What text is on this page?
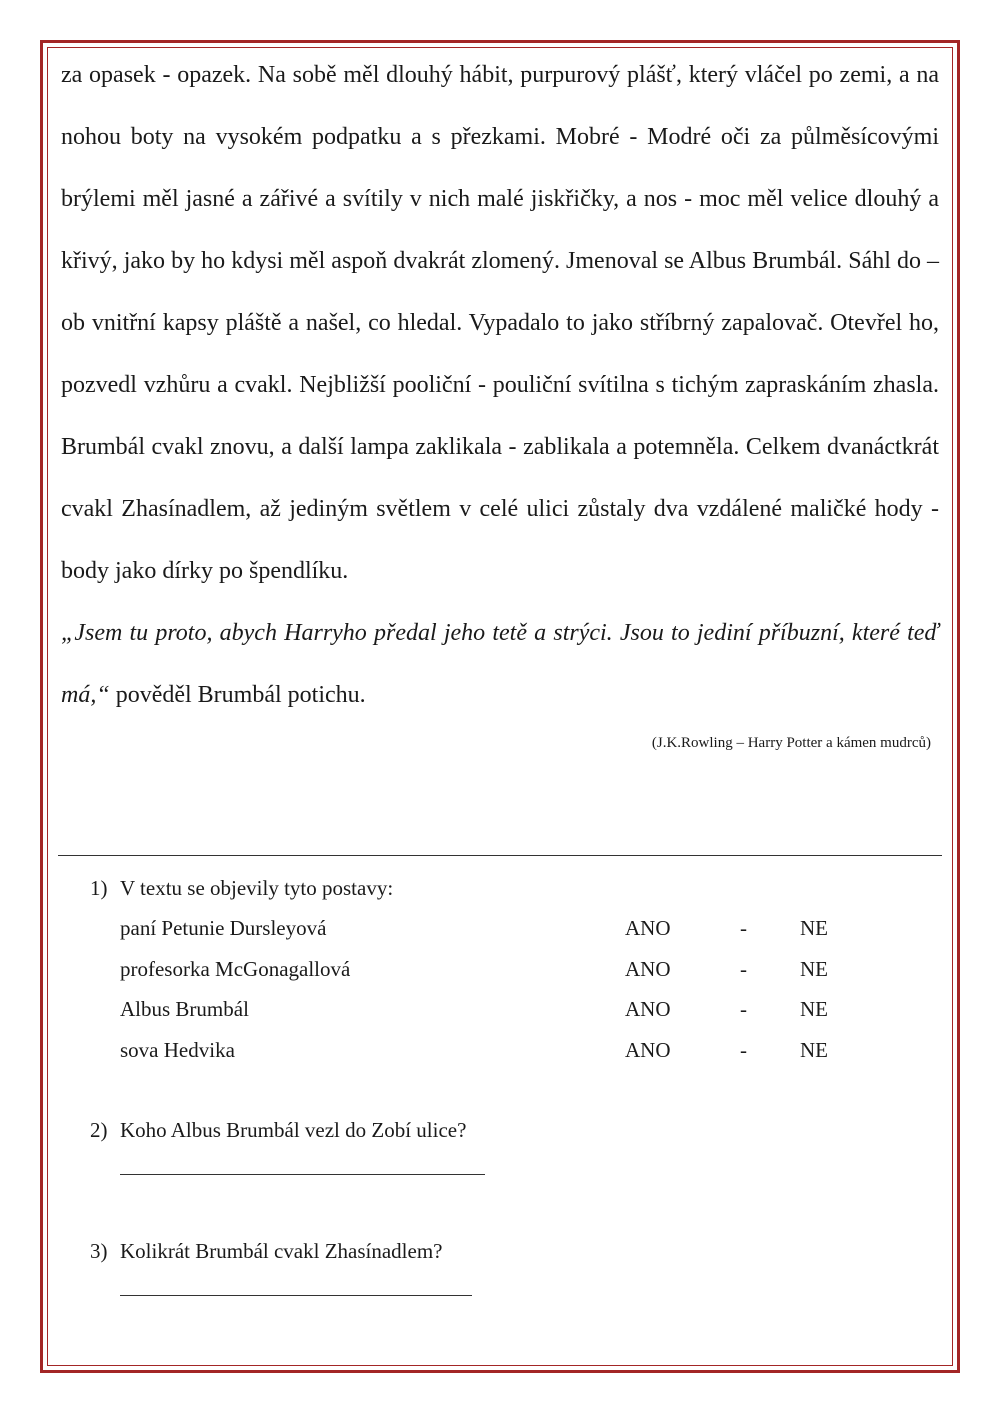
za opasek - opazek. Na sobě měl dlouhý hábit, purpurový plášť, který vláčel po zemi, a na nohou boty na vysokém podpatku a s přezkami. Mobré - Modré oči za půlměsícovými brýlemi měl jasné a zářivé a svítily v nich malé jiskřičky, a nos - moc měl velice dlouhý a křivý, jako by ho kdysi měl aspoň dvakrát zlomený. Jmenoval se Albus Brumbál. Sáhl do – ob vnitřní kapsy pláště a našel, co hledal. Vypadalo to jako stříbrný zapalovač. Otevřel ho, pozvedl vzhůru a cvakl. Nejbližší pooliční - pouliční svítilna s tichým zapraskáním zhasla. Brumbál cvakl znovu, a další lampa zaklikala - zablikala a potemněla. Celkem dvanáctkrát cvakl Zhasínadlem, až jediným světlem v celé ulici zůstaly dva vzdálené maličké hody - body jako dírky po špendlíku.

„Jsem tu proto, abych Harryho předal jeho tetě a strýci. Jsou to jediní příbuzní, které teď má,“ pověděl Brumbál potichu.

(J.K.Rowling – Harry Potter a kámen mudrců)
1) V textu se objevily tyto postavy:
paní Petunie Dursleyová	ANO	-	NE
profesorka McGonagallová	ANO	-	NE
Albus Brumbál	ANO	-	NE
sova Hedvika	ANO	-	NE
2) Koho Albus Brumbál vezl do Zobí ulice?
3) Kolikrát Brumbál cvakl Zhasínadlem?
